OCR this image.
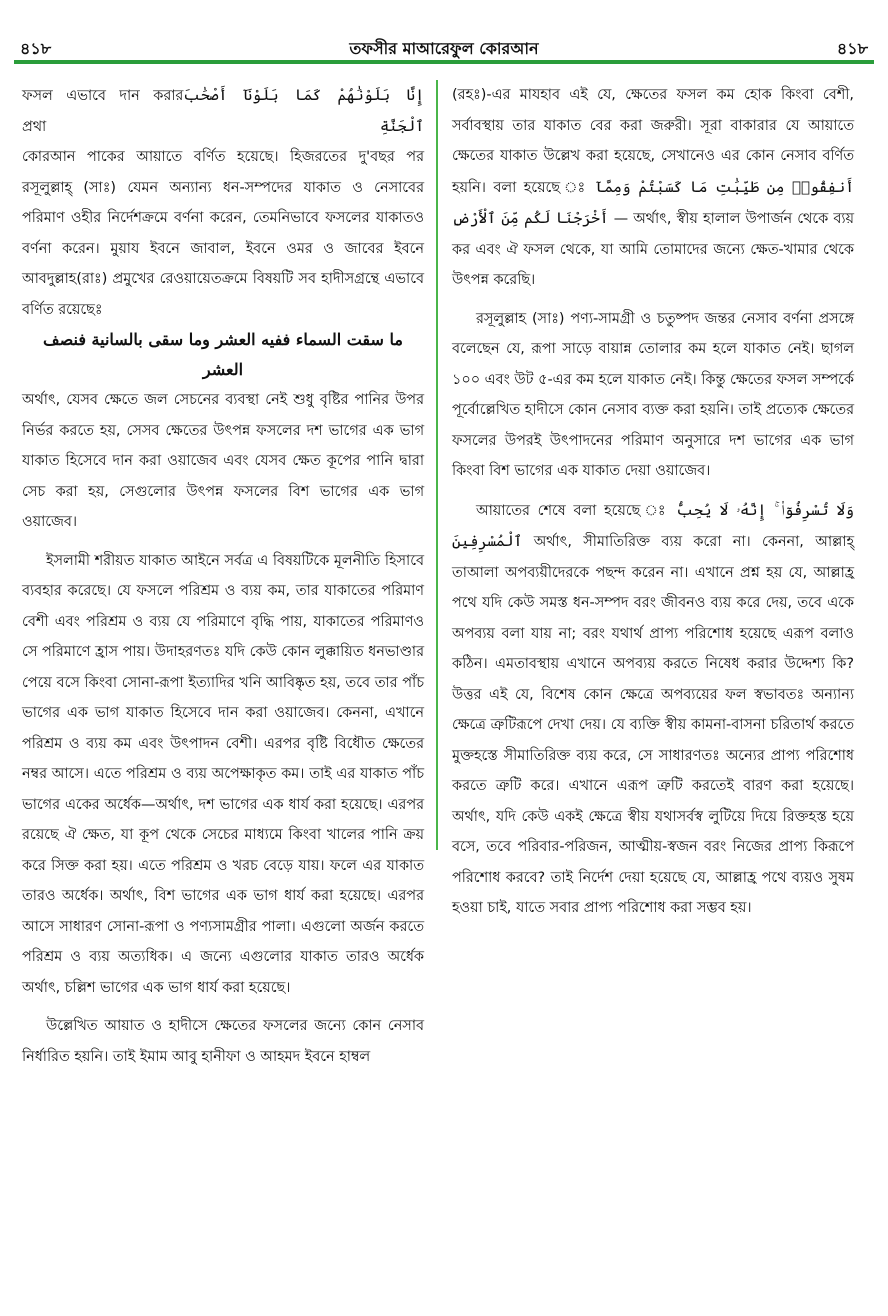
৪১৮	তফসীর মাআরেফুল কোরআন	৪১৮

ফসল এভাবে দান করার প্রথা
إِنَّا بَلَوْنَٰهُمْ كَمَا بَلَوْنَآ أَصْحَٰبَ ٱلْجَنَّةِ
কোরআন পাকের আয়াতে বর্ণিত হয়েছে। হিজরতের দু'বছর পর রসূলুল্লাহ্ (সাঃ) যেমন অন্যান্য ধন-সম্পদের যাকাত ও নেসাবের পরিমাণ ওহীর নির্দেশক্রমে বর্ণনা করেন, তেমনিভাবে ফসলের যাকাতও বর্ণনা করেন। মুয়ায ইবনে জাবাল, ইবনে ওমর ও জাবের ইবনে আবদুল্লাহ(রাঃ) প্রমুখের রেওয়ায়েতক্রমে বিষয়টি সব হাদীসগ্রন্থে এভাবে বর্ণিত রয়েছেঃ
ما سقت السماء ففيه العشر وما سقى بالسانية فنصف العشر
অর্থাৎ, যেসব ক্ষেতে জল সেচনের ব্যবস্থা নেই শুধু বৃষ্টির পানির উপর নির্ভর করতে হয়, সেসব ক্ষেতের উৎপন্ন ফসলের দশ ভাগের এক ভাগ যাকাত হিসেবে দান করা ওয়াজেব এবং যেসব ক্ষেত কূপের পানি দ্বারা সেচ করা হয়, সেগুলোর উৎপন্ন ফসলের বিশ ভাগের এক ভাগ ওয়াজেব।

ইসলামী শরীয়ত যাকাত আইনে সর্বত্র এ বিষয়টিকে মূলনীতি হিসাবে ব্যবহার করেছে। যে ফসলে পরিশ্রম ও ব্যয় কম, তার যাকাতের পরিমাণ বেশী এবং পরিশ্রম ও ব্যয় যে পরিমাণে বৃদ্ধি পায়, যাকাতের পরিমাণও সে পরিমাণে হ্রাস পায়। উদাহরণতঃ যদি কেউ কোন লুক্কায়িত ধনভাণ্ডার পেয়ে বসে কিংবা সোনা-রূপা ইত্যাদির খনি আবিষ্কৃত হয়, তবে তার পাঁচ ভাগের এক ভাগ যাকাত হিসেবে দান করা ওয়াজেব। কেননা, এখানে পরিশ্রম ও ব্যয় কম এবং উৎপাদন বেশী। এরপর বৃষ্টি বিধৌত ক্ষেতের নম্বর আসে। এতে পরিশ্রম ও ব্যয় অপেক্ষাকৃত কম। তাই এর যাকাত পাঁচ ভাগের একের অর্ধেক—অর্থাৎ, দশ ভাগের এক ধার্য করা হয়েছে। এরপর রয়েছে ঐ ক্ষেত, যা কূপ থেকে সেচের মাধ্যমে কিংবা খালের পানি ক্রয় করে সিক্ত করা হয়। এতে পরিশ্রম ও খরচ বেড়ে যায়। ফলে এর যাকাত তারও অর্ধেক। অর্থাৎ, বিশ ভাগের এক ভাগ ধার্য করা হয়েছে। এরপর আসে সাধারণ সোনা-রূপা ও পণ্যসামগ্রীর পালা। এগুলো অর্জন করতে পরিশ্রম ও ব্যয় অত্যধিক। এ জন্যে এগুলোর যাকাত তারও অর্ধেক অর্থাৎ, চল্লিশ ভাগের এক ভাগ ধার্য করা হয়েছে।

উল্লেখিত আয়াত ও হাদীসে ক্ষেতের ফসলের জন্যে কোন নেসাব নির্ধারিত হয়নি। তাই ইমাম আবু হানীফা ও আহমদ ইবনে হাম্বল

(রহঃ)-এর মাযহাব এই যে, ক্ষেতের ফসল কম হোক কিংবা বেশী, সর্বাবস্থায় তার যাকাত বের করা জরুরী। সূরা বাকারার যে আয়াতে ক্ষেতের যাকাত উল্লেখ করা হয়েছে, সেখানেও এর কোন নেসাব বর্ণিত হয়নি। বলা হয়েছে ঃ أَنفِقُوا۟ مِن طَيِّبَٰتِ مَا كَسَبْتُمْ وَمِمَّآ أَخْرَجْنَا لَكُم مِّنَ ٱلْأَرْضِ — অর্থাৎ, স্বীয় হালাল উপার্জন থেকে ব্যয় কর এবং ঐ ফসল থেকে, যা আমি তোমাদের জন্যে ক্ষেত-খামার থেকে উৎপন্ন করেছি।

রসূলুল্লাহ (সাঃ) পণ্য-সামগ্রী ও চতুষ্পদ জন্তর নেসাব বর্ণনা প্রসঙ্গে বলেছেন যে, রূপা সাড়ে বায়ান্ন তোলার কম হলে যাকাত নেই। ছাগল ১০০ এবং উট ৫-এর কম হলে যাকাত নেই। কিন্তু ক্ষেতের ফসল সম্পর্কে পূর্বোল্লেখিত হাদীসে কোন নেসাব ব্যক্ত করা হয়নি। তাই প্রত্যেক ক্ষেতের ফসলের উপরই উৎপাদনের পরিমাণ অনুসারে দশ ভাগের এক ভাগ কিংবা বিশ ভাগের এক যাকাত দেয়া ওয়াজেব।

আয়াতের শেষে বলা হয়েছে ঃ وَلَا تُسْرِفُوٓا۟ ۚ إِنَّهُۥ لَا يُحِبُّ ٱلْمُسْرِفِينَ অর্থাৎ, সীমাতিরিক্ত ব্যয় করো না। কেননা, আল্লাহ্ তাআলা অপব্যয়ীদেরকে পছন্দ করেন না। এখানে প্রশ্ন হয় যে, আল্লাহ্র পথে যদি কেউ সমস্ত ধন-সম্পদ বরং জীবনও ব্যয় করে দেয়, তবে একে অপব্যয় বলা যায় না; বরং যথার্থ প্রাপ্য পরিশোধ হয়েছে এরূপ বলাও কঠিন। এমতাবস্থায় এখানে অপব্যয় করতে নিষেধ করার উদ্দেশ্য কি? উত্তর এই যে, বিশেষ কোন ক্ষেত্রে অপব্যয়ের ফল স্বভাবতঃ অন্যান্য ক্ষেত্রে ত্রুটিরূপে দেখা দেয়। যে ব্যক্তি স্বীয় কামনা-বাসনা চরিতার্থ করতে মুক্তহস্তে সীমাতিরিক্ত ব্যয় করে, সে সাধারণতঃ অন্যের প্রাপ্য পরিশোধ করতে ত্রুটি করে। এখানে এরূপ ত্রুটি করতেই বারণ করা হয়েছে। অর্থাৎ, যদি কেউ একই ক্ষেত্রে স্বীয় যথাসর্বস্ব লুটিয়ে দিয়ে রিক্তহস্ত হয়ে বসে, তবে পরিবার-পরিজন, আত্মীয়-স্বজন বরং নিজের প্রাপ্য কিরূপে পরিশোধ করবে? তাই নির্দেশ দেয়া হয়েছে যে, আল্লাহ্র পথে ব্যয়ও সুষম হওয়া চাই, যাতে সবার প্রাপ্য পরিশোধ করা সম্ভব হয়।
